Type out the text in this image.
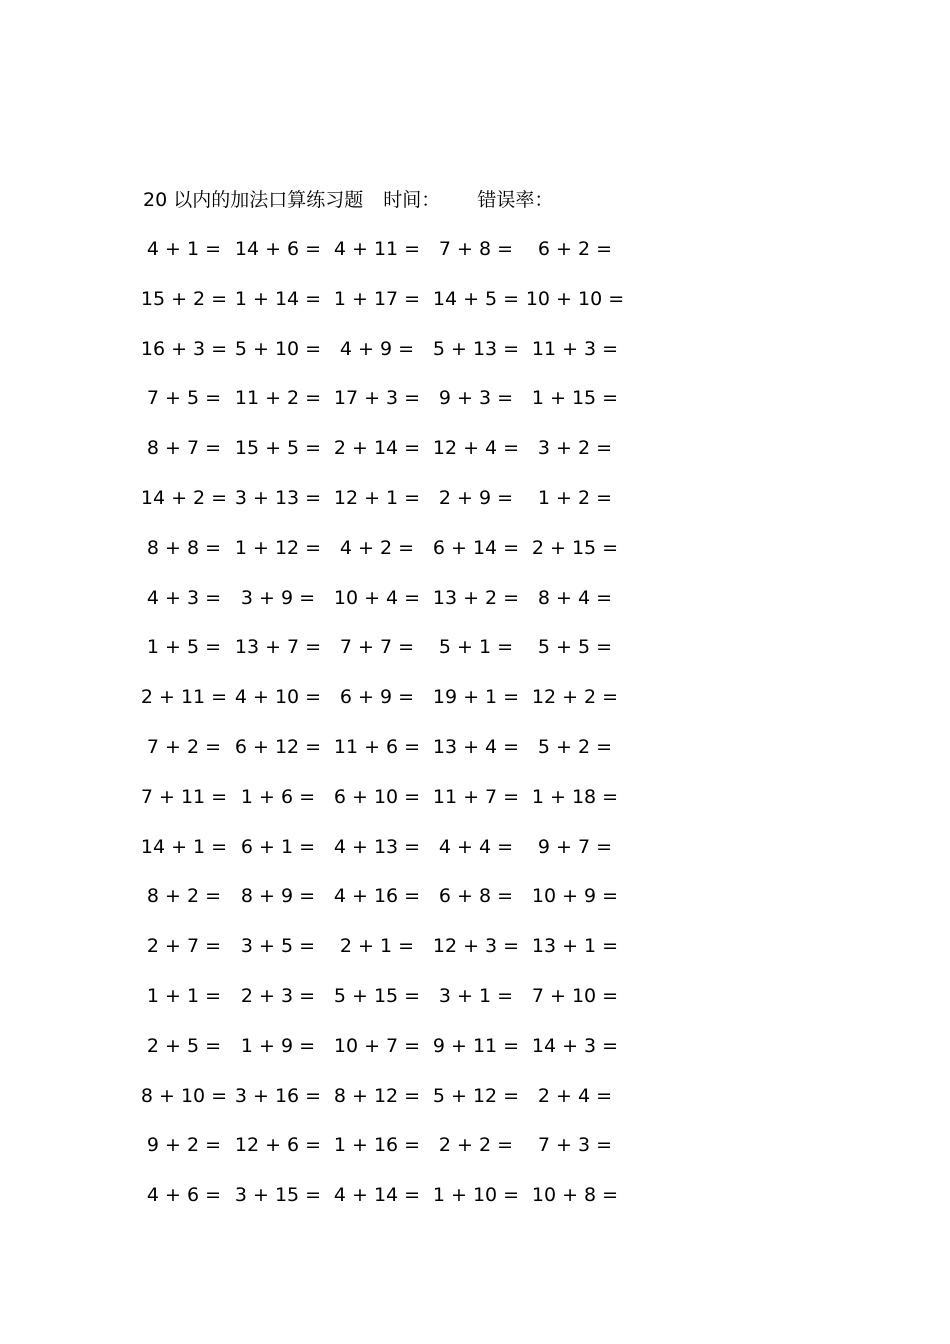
20 以内的加法口算练习题 时间： 错误率：
4 + 1 = 14 + 6 = 4 + 11 = 7 + 8 = 6 + 2 =
15 + 2 = 1 + 14 = 1 + 17 = 14 + 5 = 10 + 10 =
16 + 3 = 5 + 10 = 4 + 9 = 5 + 13 = 11 + 3 =
7 + 5 = 11 + 2 = 17 + 3 = 9 + 3 = 1 + 15 =
8 + 7 = 15 + 5 = 2 + 14 = 12 + 4 = 3 + 2 =
14 + 2 = 3 + 13 = 12 + 1 = 2 + 9 = 1 + 2 =
8 + 8 = 1 + 12 = 4 + 2 = 6 + 14 = 2 + 15 =
4 + 3 = 3 + 9 = 10 + 4 = 13 + 2 = 8 + 4 =
1 + 5 = 13 + 7 = 7 + 7 = 5 + 1 = 5 + 5 =
2 + 11 = 4 + 10 = 6 + 9 = 19 + 1 = 12 + 2 =
7 + 2 = 6 + 12 = 11 + 6 = 13 + 4 = 5 + 2 =
7 + 11 = 1 + 6 = 6 + 10 = 11 + 7 = 1 + 18 =
14 + 1 = 6 + 1 = 4 + 13 = 4 + 4 = 9 + 7 =
8 + 2 = 8 + 9 = 4 + 16 = 6 + 8 = 10 + 9 =
2 + 7 = 3 + 5 = 2 + 1 = 12 + 3 = 13 + 1 =
1 + 1 = 2 + 3 = 5 + 15 = 3 + 1 = 7 + 10 =
2 + 5 = 1 + 9 = 10 + 7 = 9 + 11 = 14 + 3 =
8 + 10 = 3 + 16 = 8 + 12 = 5 + 12 = 2 + 4 =
9 + 2 = 12 + 6 = 1 + 16 = 2 + 2 = 7 + 3 =
4 + 6 = 3 + 15 = 4 + 14 = 1 + 10 = 10 + 8 =
